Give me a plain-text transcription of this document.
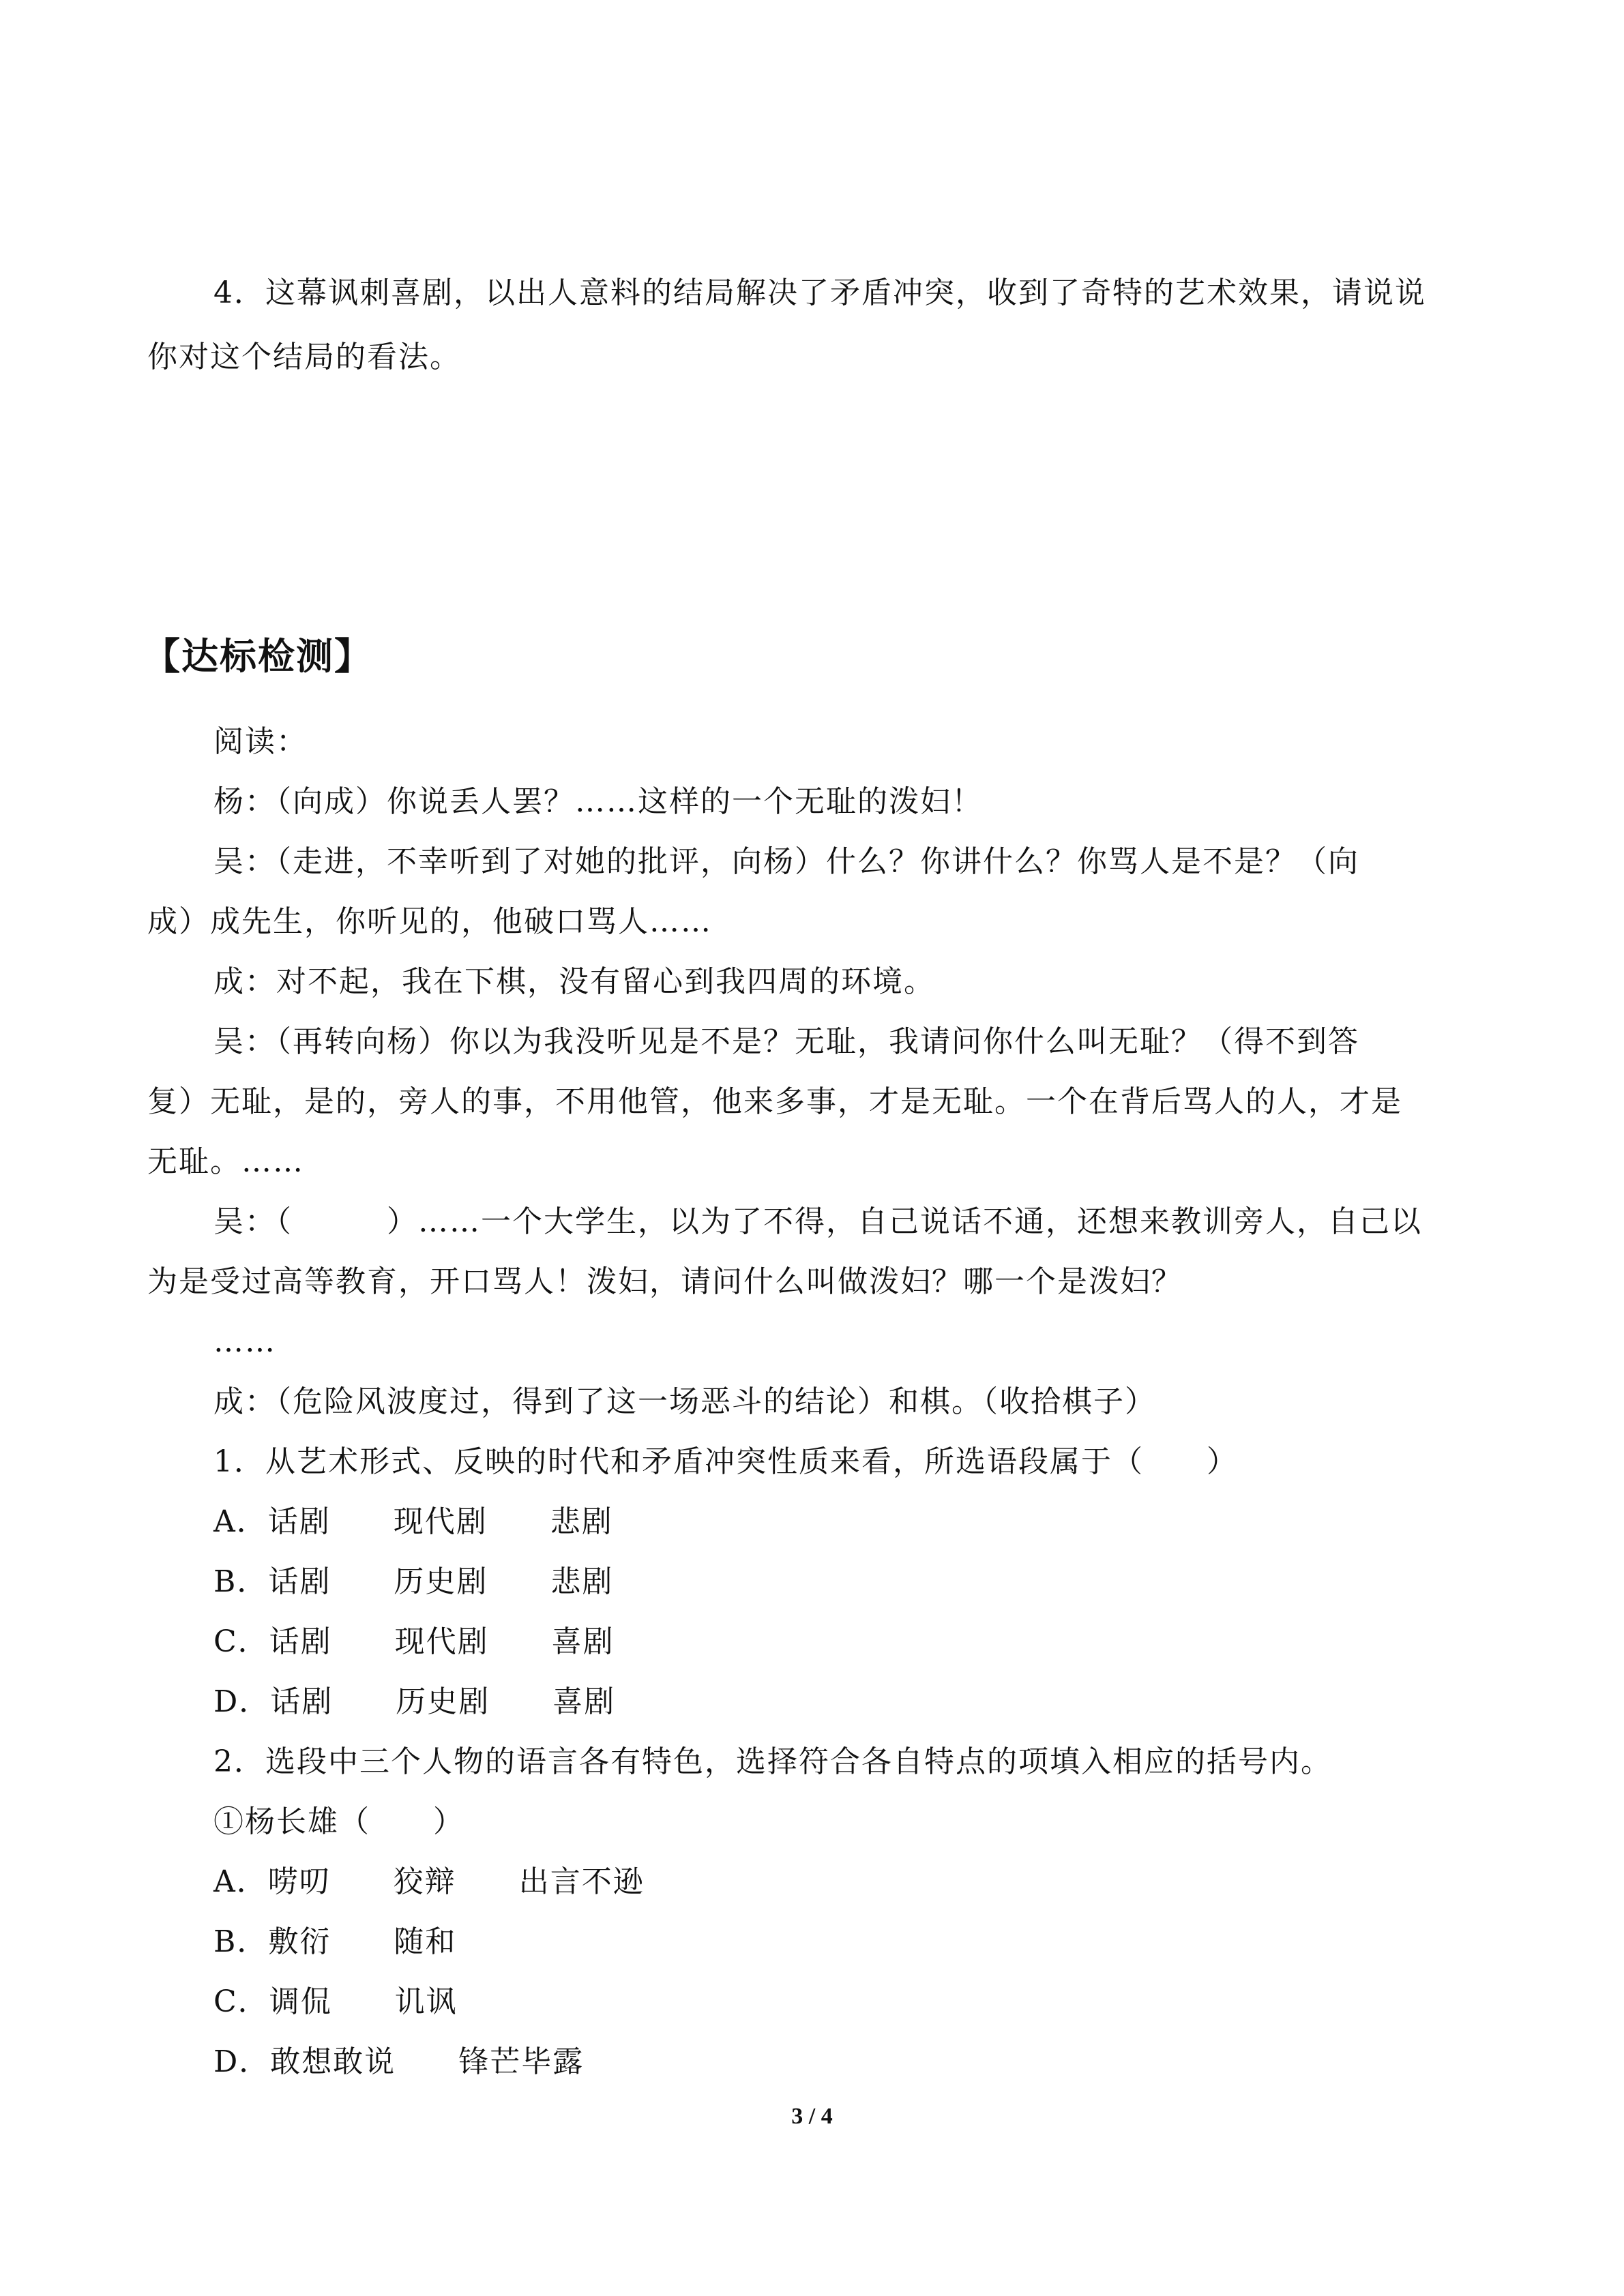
4．这幕讽刺喜剧，以出人意料的结局解决了矛盾冲突，收到了奇特的艺术效果，请说说
你对这个结局的看法。
【达标检测】
阅读：
杨：（向成）你说丢人罢？……这样的一个无耻的泼妇！
吴：（走进，不幸听到了对她的批评，向杨）什么？你讲什么？你骂人是不是？（向
成）成先生，你听见的，他破口骂人……
成：对不起，我在下棋，没有留心到我四周的环境。
吴：（再转向杨）你以为我没听见是不是？无耻，我请问你什么叫无耻？（得不到答
复）无耻，是的，旁人的事，不用他管，他来多事，才是无耻。一个在背后骂人的人，才是
无耻。……
吴：（　　　）……一个大学生，以为了不得，自己说话不通，还想来教训旁人，自己以
为是受过高等教育，开口骂人！泼妇，请问什么叫做泼妇？哪一个是泼妇？
……
成：（危险风波度过，得到了这一场恶斗的结论）和棋。（收拾棋子）
1．从艺术形式、反映的时代和矛盾冲突性质来看，所选语段属于（　　）
A．话剧　　现代剧　　悲剧
B．话剧　　历史剧　　悲剧
C．话剧　　现代剧　　喜剧
D．话剧　　历史剧　　喜剧
2．选段中三个人物的语言各有特色，选择符合各自特点的项填入相应的括号内。
①杨长雄（　　）
A．唠叨　　狡辩　　出言不逊
B．敷衍　　随和
C．调侃　　讥讽
D．敢想敢说　　锋芒毕露
3 / 4
